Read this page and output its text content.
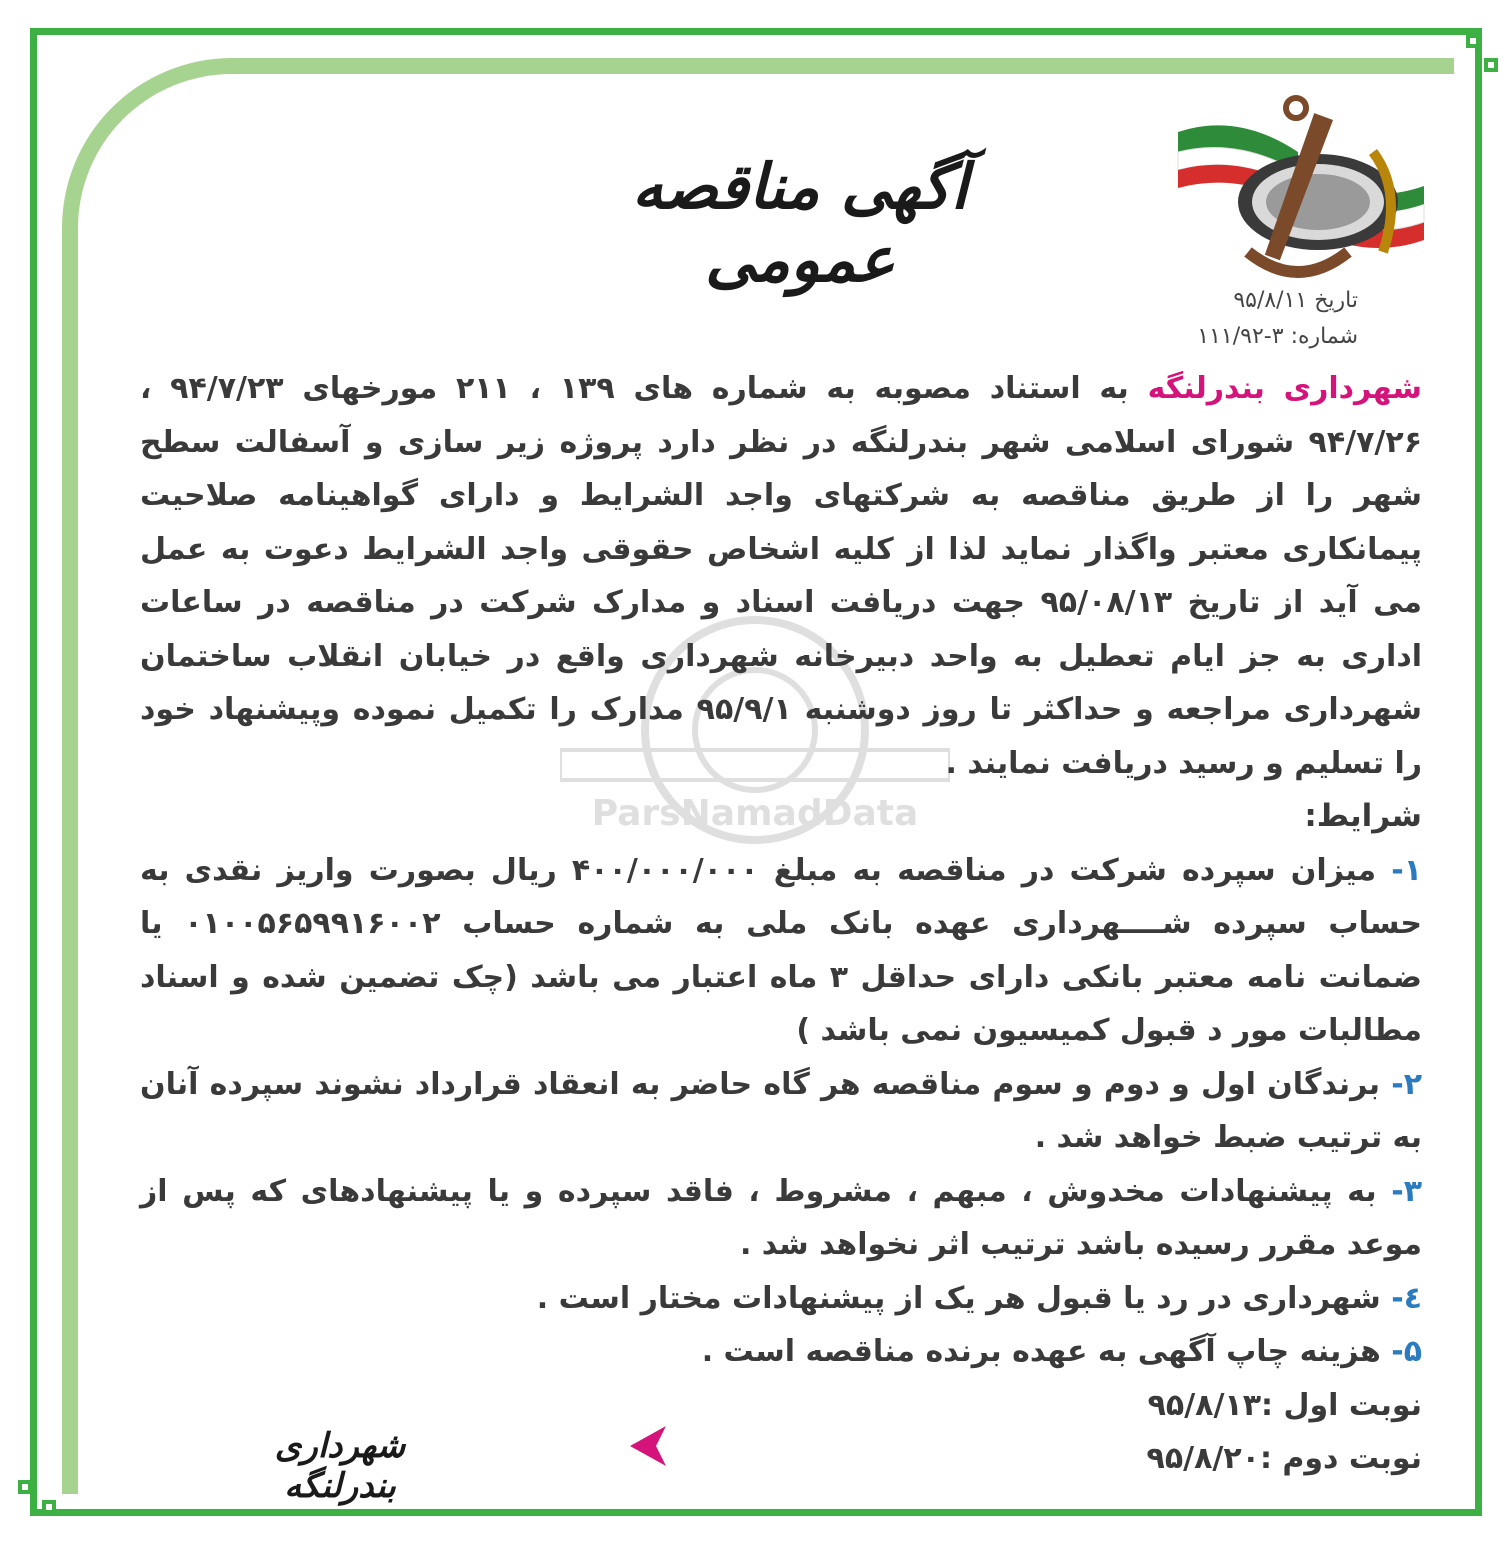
آگهی مناقصه عمومی
تاریخ ۹۵/۸/۱۱
شماره: ۳-۱۱۱/۹۲
ParsNamadData

شهرداری بندرلنگه به استناد مصوبه به شماره های ۱۳۹ ، ۲۱۱ مورخهای ۹۴/۷/۲۳ ، ۹۴/۷/۲۶ شورای اسلامی شهر بندرلنگه در نظر دارد پروژه زیر سازی و آسفالت سطح شهر را از طریق مناقصه به شرکتهای واجد الشرایط و دارای گواهینامه صلاحیت پیمانکاری معتبر واگذار نماید لذا از کلیه اشخاص حقوقی واجد الشرایط دعوت به عمل می آید از تاریخ ۹۵/۰۸/۱۳ جهت دریافت اسناد و مدارک شرکت در مناقصه در ساعات اداری به جز ایام تعطیل به واحد دبیرخانه شهرداری واقع در خیابان انقلاب ساختمان شهرداری مراجعه و حداکثر تا روز دوشنبه ۹۵/۹/۱ مدارک را تکمیل نموده وپیشنهاد خود را تسلیم و رسید دریافت نمایند .

شرایط:

۱- میزان سپرده شرکت در مناقصه به مبلغ ۴۰۰/۰۰۰/۰۰۰ ریال بصورت واریز نقدی به حساب سپرده شــــهرداری عهده بانک ملی به شماره حساب ۰۱۰۰۵۶۵۹۹۱۶۰۰۲ یا ضمانت نامه معتبر بانکی دارای حداقل ۳ ماه اعتبار می باشد (چک تضمین شده و اسناد مطالبات مور د قبول کمیسیون نمی باشد )

۲- برندگان اول و دوم و سوم مناقصه هر گاه حاضر به انعقاد قرارداد نشوند سپرده آنان به ترتیب ضبط خواهد شد .

۳- به پیشنهادات مخدوش ، مبهم ، مشروط ، فاقد سپرده و یا پیشنهادهای که پس از موعد مقرر رسیده باشد ترتیب اثر نخواهد شد .

٤- شهرداری در رد یا قبول هر یک از پیشنهادات مختار است .

۵- هزینه چاپ آگهی به عهده برنده مناقصه است .

نوبت اول :۹۵/۸/۱۳

نوبت دوم :۹۵/۸/۲۰

شهرداری بندرلنگه
